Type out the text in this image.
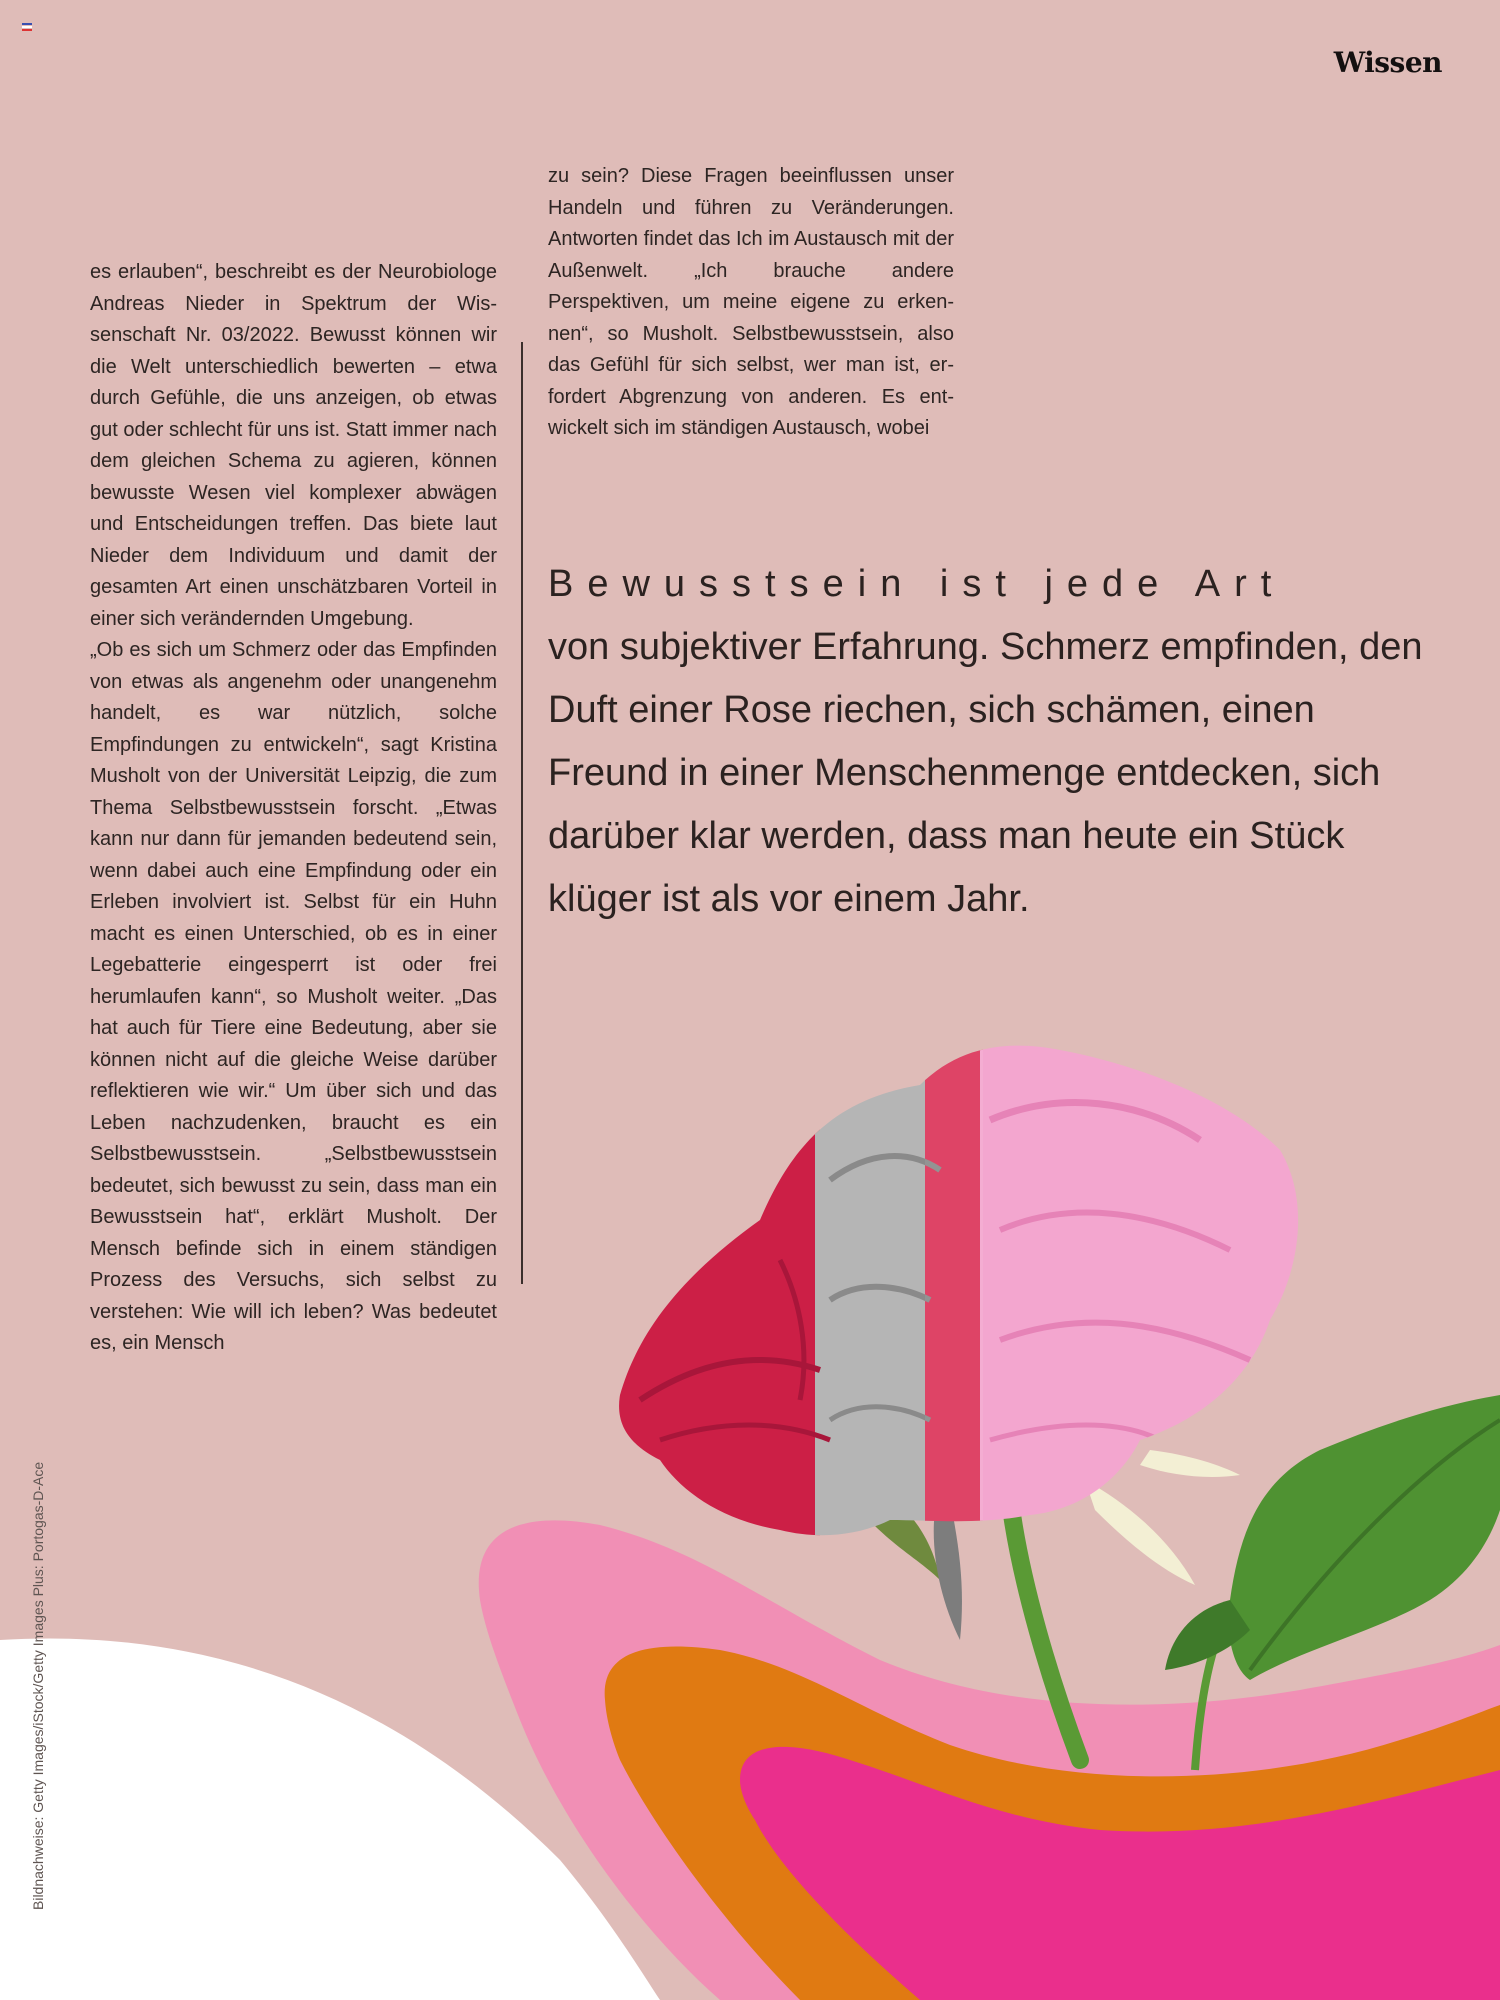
Wissen

es erlauben“, beschreibt es der Neurobiologe Andreas Nieder in Spektrum der Wissenschaft Nr. 03/2022. Bewusst können wir die Welt unterschiedlich bewerten – etwa durch Gefühle, die uns anzeigen, ob etwas gut oder schlecht für uns ist. Statt immer nach dem gleichen Schema zu agieren, können bewusste Wesen viel komplexer abwägen und Entscheidungen treffen. Das biete laut Nieder dem Individuum und damit der gesamten Art einen unschätzbaren Vorteil in einer sich verändernden Umgebung.
„Ob es sich um Schmerz oder das Empfinden von etwas als angenehm oder unangenehm handelt, es war nützlich, solche Empfindungen zu entwickeln“, sagt Kristina Musholt von der Universität Leipzig, die zum Thema Selbstbewusstsein forscht. „Etwas kann nur dann für jemanden bedeutend sein, wenn dabei auch eine Empfindung oder ein Erleben involviert ist. Selbst für ein Huhn macht es einen Unterschied, ob es in einer Legebatterie eingesperrt ist oder frei herumlaufen kann“, so Musholt weiter. „Das hat auch für Tiere eine Bedeutung, aber sie können nicht auf die gleiche Weise darüber reflektieren wie wir.“ Um über sich und das Leben nachzudenken, braucht es ein Selbstbewusstsein. „Selbstbewusstsein bedeutet, sich bewusst zu sein, dass man ein Bewusstsein hat“, erklärt Musholt. Der Mensch befinde sich in einem ständigen Prozess des Versuchs, sich selbst zu verstehen: Wie will ich leben? Was bedeutet es, ein Mensch

zu sein? Diese Fragen beeinflussen unser Handeln und führen zu Veränderungen. Antworten findet das Ich im Austausch mit der Außenwelt. „Ich brauche andere Perspektiven, um meine eigene zu erkennen“, so Musholt. Selbstbewusstsein, also das Gefühl für sich selbst, wer man ist, erfordert Abgrenzung von anderen. Es entwickelt sich im ständigen Austausch, wobei

Bewusstsein ist jede Art
von subjektiver Erfahrung. Schmerz empfinden, den Duft einer Rose riechen, sich schämen, einen Freund in einer Menschenmenge entdecken, sich darüber klar werden, dass man heute ein Stück klüger ist als vor einem Jahr.
Bildnachweise: Getty Images/iStock/Getty Images Plus: Portogas-D-Ace
